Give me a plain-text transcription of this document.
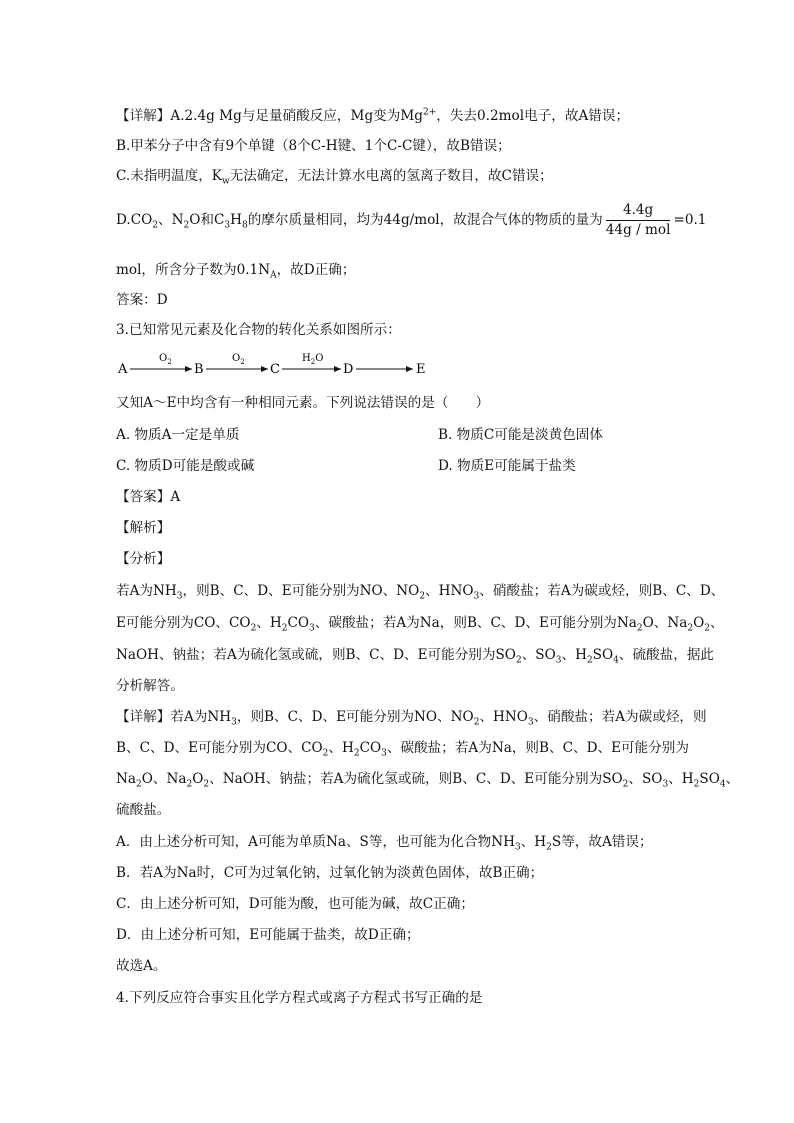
【详解】A.2.4g Mg与足量硝酸反应，Mg变为$Mg^{2+}$，失去0.2mol电子，故A错误；
B.甲苯分子中含有9个单键（8个C-H键、1个C-C键），故B错误；
C.未指明温度，$K_w$无法确定，无法计算水电离的氢离子数目，故C错误；
$D.CO_2$、$N_2O$和$C_3H_8$的摩尔质量相同，均为44g/mol，故混合气体的物质的量为 $\frac{4.4g}{\text{44g / mol}} =0.1$
mol，所含分子数为$0.1N_A$，故D正确；
答案：D
3.已知常见元素及化合物的转化关系如图所示：
A
$O_2$ B
$O_2$ C
$H_2O$
D	E
又知A～E中均含有一种相同元素。下列说法错误的是（　　）
A. 物质A一定是单质	B. 物质C可能是淡黄色固体
C. 物质D可能是酸或碱	D. 物质E可能属于盐类
【答案】A
【解析】
【分析】
若A为$NH_3$，则B、C、D、E可能分别为NO、$NO_2$、$HNO_3$、硝酸盐；若A为碳或烃，则B、C、D、
E可能分别为CO、$CO_2$、$H_2CO_3$、碳酸盐；若A为Na，则B、C、D、E可能分别为$Na_2O$、$Na_2O_2$、
NaOH、钠盐；若A为硫化氢或硫，则B、C、D、E可能分别为$SO_2$、$SO_3$、$H_2SO_4$、硫酸盐，据此
分析解答。
【详解】若A为$NH_3$，则B、C、D、E可能分别为NO、$NO_2$、$HNO_3$、硝酸盐；若A为碳或烃，则
B、C、D、E可能分别为CO、$CO_2$、$H_2CO_3$、碳酸盐；若A为Na，则B、C、D、E可能分别为
$Na_2O$、$Na_2O_2$、NaOH、钠盐；若A为硫化氢或硫，则B、C、D、E可能分别为$SO_2$、$SO_3$、$H_2SO_4$、
硫酸盐。
A．由上述分析可知，A可能为单质Na、S等，也可能为化合物$NH_3$、$H_2S$等，故A错误；
B．若A为Na时，C可为过氧化钠，过氧化钠为淡黄色固体，故B正确；
C．由上述分析可知，D可能为酸，也可能为碱，故C正确；
D．由上述分析可知，E可能属于盐类，故D正确；
故选A。
4.下列反应符合事实且化学方程式或离子方程式书写正确的是
